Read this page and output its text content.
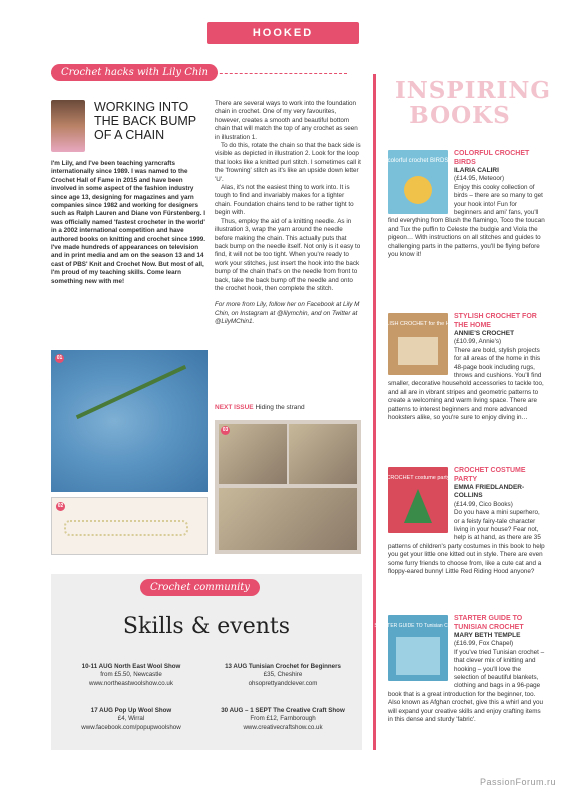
HOOKED
Crochet hacks with Lily Chin
WORKING INTO THE BACK BUMP OF A CHAIN

I'm Lily, and I've been teaching yarncrafts internationally since 1989. I was named to the Crochet Hall of Fame in 2015 and have been involved in some aspect of the fashion industry since age 13, designing for magazines and yarn companies since 1982 and working for designers such as Ralph Lauren and Diane von Fürstenberg. I was officially named 'fastest crocheter in the world' in a 2002 international competition and have authored books on knitting and crochet since 1999. I've made hundreds of appearances on television and in print media and am on the season 13 and 14 cast of PBS' Knit and Crochet Now. But most of all, I'm proud of my teaching skills. Come learn something new with me!

01
02

There are several ways to work into the foundation chain in crochet. One of my very favourites, however, creates a smooth and beautiful bottom chain that will match the top of any crochet as seen in illustration 1.

To do this, rotate the chain so that the back side is visible as depicted in illustration 2. Look for the loop that looks like a knitted purl stitch. I sometimes call it the 'frowning' stitch as it's like an upside down letter 'U'.

Alas, it's not the easiest thing to work into. It is tough to find and invariably makes for a tighter chain. Foundation chains tend to be rather tight to begin with.

Thus, employ the aid of a knitting needle. As in illustration 3, wrap the yarn around the needle before making the chain. This actually puts that back bump on the needle itself. Not only is it easy to find, it will not be too tight. When you're ready to work your stitches, just insert the hook into the back bump of the chain that's on the needle from front to back, take the back bump off the needle and onto the crochet hook, then complete the stitch.

For more from Lily, follow her on Facebook at Lily M Chin, on Instagram at @lilymchin, and on Twitter at @LilyMChin1.

NEXT ISSUE Hiding the strand
03
Crochet community
Skills & events
10-11 AUG North East Wool Show
from £5.50, Newcastle
www.northeastwoolshow.co.uk
13 AUG Tunisian Crochet for Beginners
£35, Cheshire
ohsoprettyandclever.com
17 AUG Pop Up Wool Show
£4, Wirral
www.facebook.com/popupwoolshow
30 AUG – 1 SEPT The Creative Craft Show
From £12, Farnborough
www.creativecraftshow.co.uk
INSPIRING BOOKS
colorful crochet BIRDS
COLORFUL CROCHET BIRDS
ILARIA CALIRI
(£14.95, Meteoor)
Enjoy this cooky collection of birds – there are so many to get your hook into! Fun for beginners and ami' fans, you'll find everything from Blush the flamingo, Toco the toucan and Tux the puffin to Celeste the budgie and Viola the pigeon… With instructions on all stitches and guides to challenging parts in the patterns, you'll be flying before you know it!
STYLISH CROCHET for the Home
STYLISH CROCHET FOR THE HOME
ANNIE'S CROCHET
(£10.99, Annie's)
There are bold, stylish projects for all areas of the home in this 48-page book including rugs, throws and cushions. You'll find smaller, decorative household accessories to tackle too, and all are in vibrant stripes and geometric patterns to create a welcoming and warm living space. There are patterns to interest beginners and more advanced hooksters alike, so you're sure to enjoy diving in…
CROCHET costume party
CROCHET COSTUME PARTY
EMMA FRIEDLANDER-COLLINS
(£14.99, Cico Books)
Do you have a mini superhero, or a feisty fairy-tale character living in your house? Fear not, help is at hand, as there are 35 patterns of children's party costumes in this book to help you get your little one kitted out in style. There are even some furry friends to choose from, like a cute cat and a floppy-eared bunny! Little Red Riding Hood anyone?
STARTER GUIDE TO Tunisian Crochet
STARTER GUIDE TO TUNISIAN CROCHET
MARY BETH TEMPLE
(£16.99, Fox Chapel)
If you've tried Tunisian crochet – that clever mix of knitting and hooking – you'll love the selection of beautiful blankets, clothing and bags in a 96-page book that is a great introduction for the beginner, too. Also known as Afghan crochet, give this a whirl and you will expand your creative skills and enjoy crafting items in this dense and sturdy 'fabric'.
PassionForum.ru
